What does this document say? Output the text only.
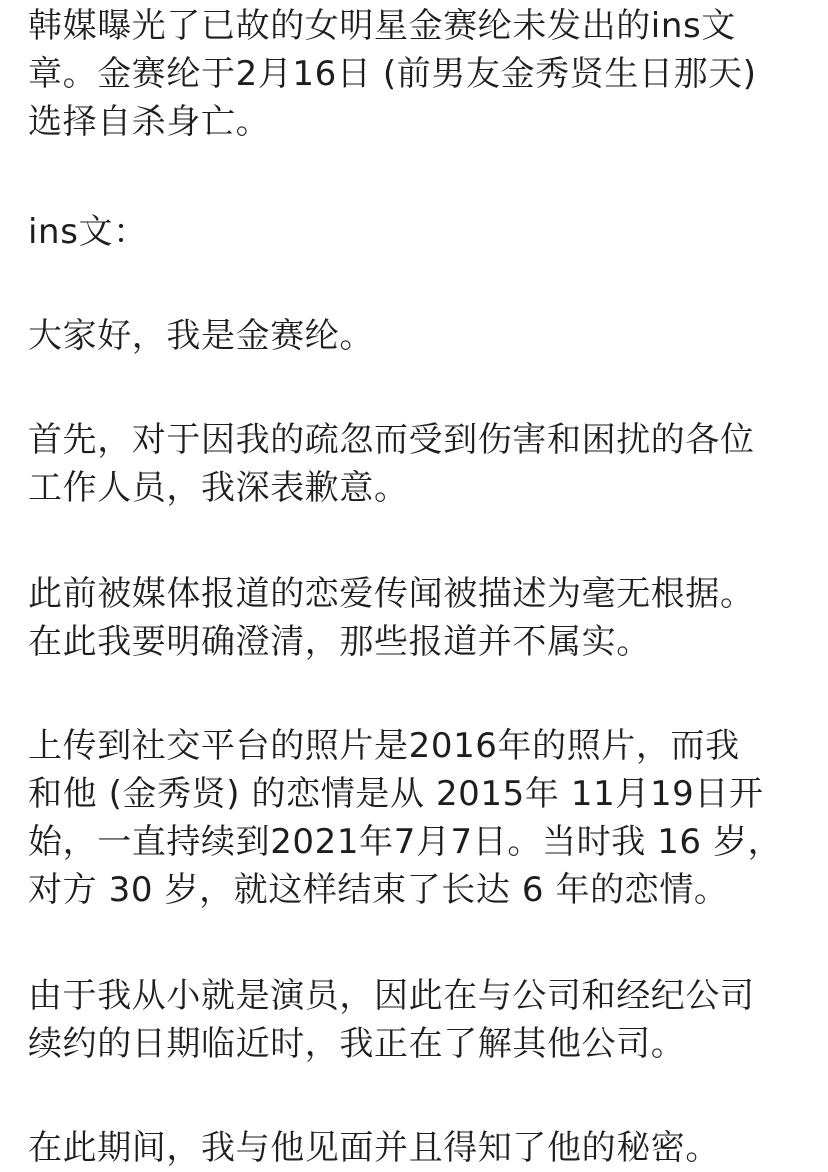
韩媒曝光了已故的女明星金赛纶未发出的ins文
章。金赛纶于2月16日 (前男友金秀贤生日那天)
选择自杀身亡。

ins文：

大家好，我是金赛纶。

首先，对于因我的疏忽而受到伤害和困扰的各位
工作人员，我深表歉意。

此前被媒体报道的恋爱传闻被描述为毫无根据。
在此我要明确澄清，那些报道并不属实。

上传到社交平台的照片是2016年的照片，而我
和他 (金秀贤) 的恋情是从 2015年 11月19日开
始，一直持续到2021年7月7日。当时我 16 岁，
对方 30 岁，就这样结束了长达 6 年的恋情。

由于我从小就是演员，因此在与公司和经纪公司
续约的日期临近时，我正在了解其他公司。

在此期间，我与他见面并且得知了他的秘密。
